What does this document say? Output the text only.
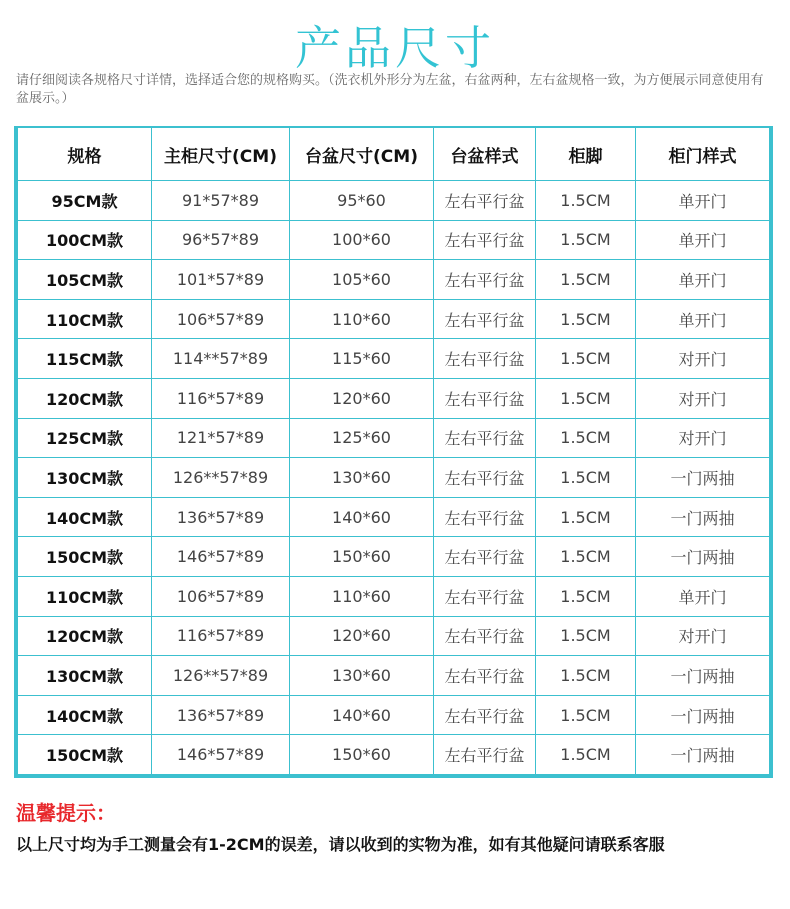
产品尺寸
请仔细阅读各规格尺寸详情，选择适合您的规格购买。（洗衣机外形分为左盆，右盆两种，左右盆规格一致，为方便展示同意使用有盆展示。）
规格	主柜尺寸(CM)	台盆尺寸(CM)	台盆样式	柜脚	柜门样式
95CM款	91*57*89	95*60	左右平行盆	1.5CM	单开门
100CM款	96*57*89	100*60	左右平行盆	1.5CM	单开门
105CM款	101*57*89	105*60	左右平行盆	1.5CM	单开门
110CM款	106*57*89	110*60	左右平行盆	1.5CM	单开门
115CM款	114**57*89	115*60	左右平行盆	1.5CM	对开门
120CM款	116*57*89	120*60	左右平行盆	1.5CM	对开门
125CM款	121*57*89	125*60	左右平行盆	1.5CM	对开门
130CM款	126**57*89	130*60	左右平行盆	1.5CM	一门两抽
140CM款	136*57*89	140*60	左右平行盆	1.5CM	一门两抽
150CM款	146*57*89	150*60	左右平行盆	1.5CM	一门两抽
110CM款	106*57*89	110*60	左右平行盆	1.5CM	单开门
120CM款	116*57*89	120*60	左右平行盆	1.5CM	对开门
130CM款	126**57*89	130*60	左右平行盆	1.5CM	一门两抽
140CM款	136*57*89	140*60	左右平行盆	1.5CM	一门两抽
150CM款	146*57*89	150*60	左右平行盆	1.5CM	一门两抽
温馨提示：
以上尺寸均为手工测量会有1-2CM的误差，请以收到的实物为准，如有其他疑问请联系客服
